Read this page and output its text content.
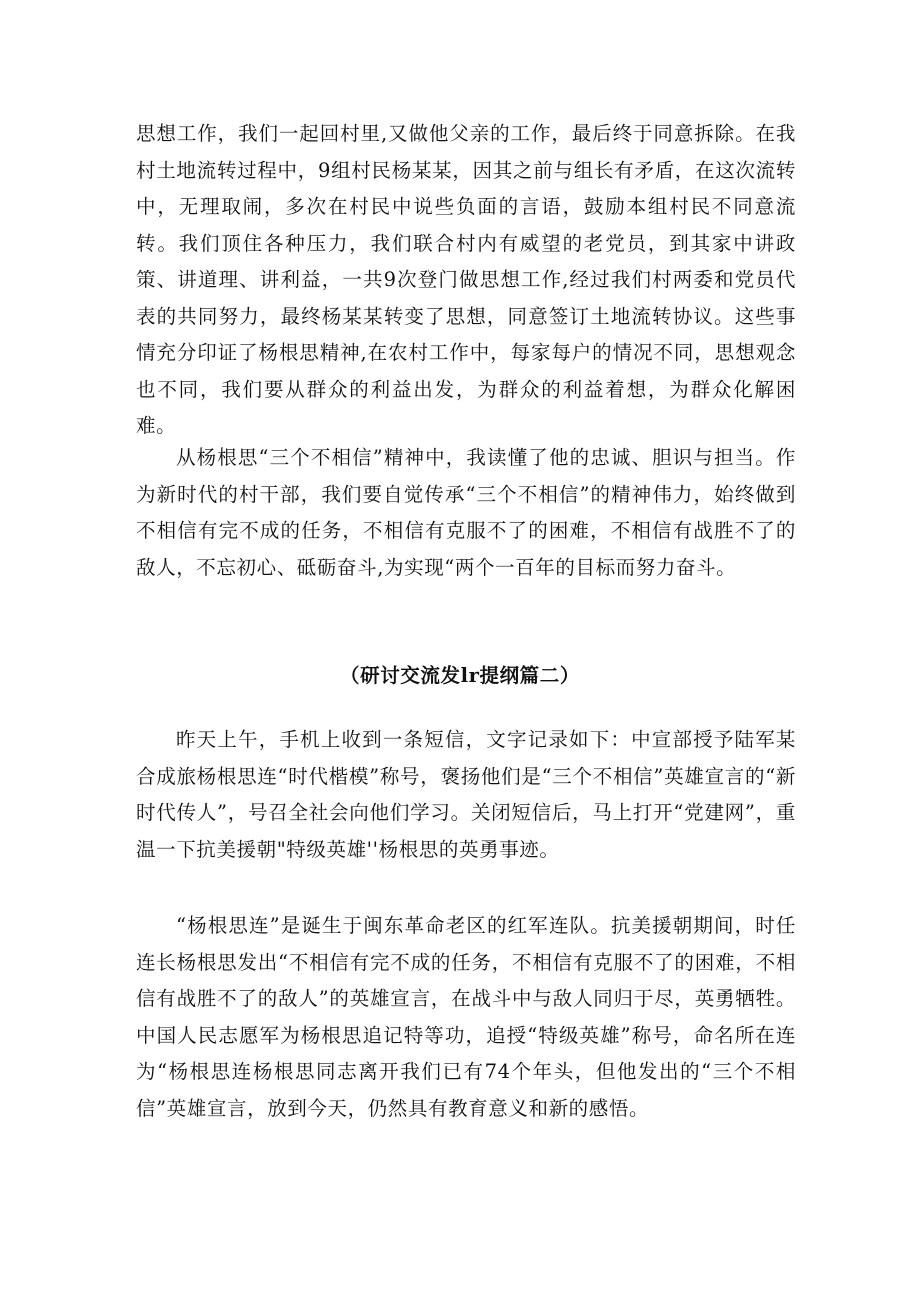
思想工作，我们一起回村里,又做他父亲的工作，最后终于同意拆除。在我村土地流转过程中，9组村民杨某某，因其之前与组长有矛盾，在这次流转中，无理取闹，多次在村民中说些负面的言语，鼓励本组村民不同意流转。我们顶住各种压力，我们联合村内有威望的老党员，到其家中讲政策、讲道理、讲利益，一共9次登门做思想工作,经过我们村两委和党员代表的共同努力，最终杨某某转变了思想，同意签订土地流转协议。这些事情充分印证了杨根思精神,在农村工作中，每家每户的情况不同，思想观念也不同，我们要从群众的利益出发，为群众的利益着想，为群众化解困难。

从杨根思“三个不相信”精神中，我读懂了他的忠诚、胆识与担当。作为新时代的村干部，我们要自觉传承“三个不相信”的精神伟力，始终做到不相信有完不成的任务，不相信有克服不了的困难，不相信有战胜不了的敌人，不忘初心、砥砺奋斗,为实现“两个一百年的目标而努力奋斗。

（研讨交流发lr提纲篇二）

昨天上午，手机上收到一条短信，文字记录如下：中宣部授予陆军某合成旅杨根思连“时代楷模”称号，褒扬他们是“三个不相信”英雄宣言的“新时代传人”，号召全社会向他们学习。关闭短信后，马上打开“党建网”，重温一下抗美援朝"特级英雄''杨根思的英勇事迹。

“杨根思连”是诞生于闽东革命老区的红军连队。抗美援朝期间，时任连长杨根思发出“不相信有完不成的任务，不相信有克服不了的困难，不相信有战胜不了的敌人”的英雄宣言，在战斗中与敌人同归于尽，英勇牺牲。中国人民志愿军为杨根思追记特等功，追授“特级英雄”称号，命名所在连为“杨根思连杨根思同志离开我们已有74个年头，但他发出的“三个不相信”英雄宣言，放到今天，仍然具有教育意义和新的感悟。
